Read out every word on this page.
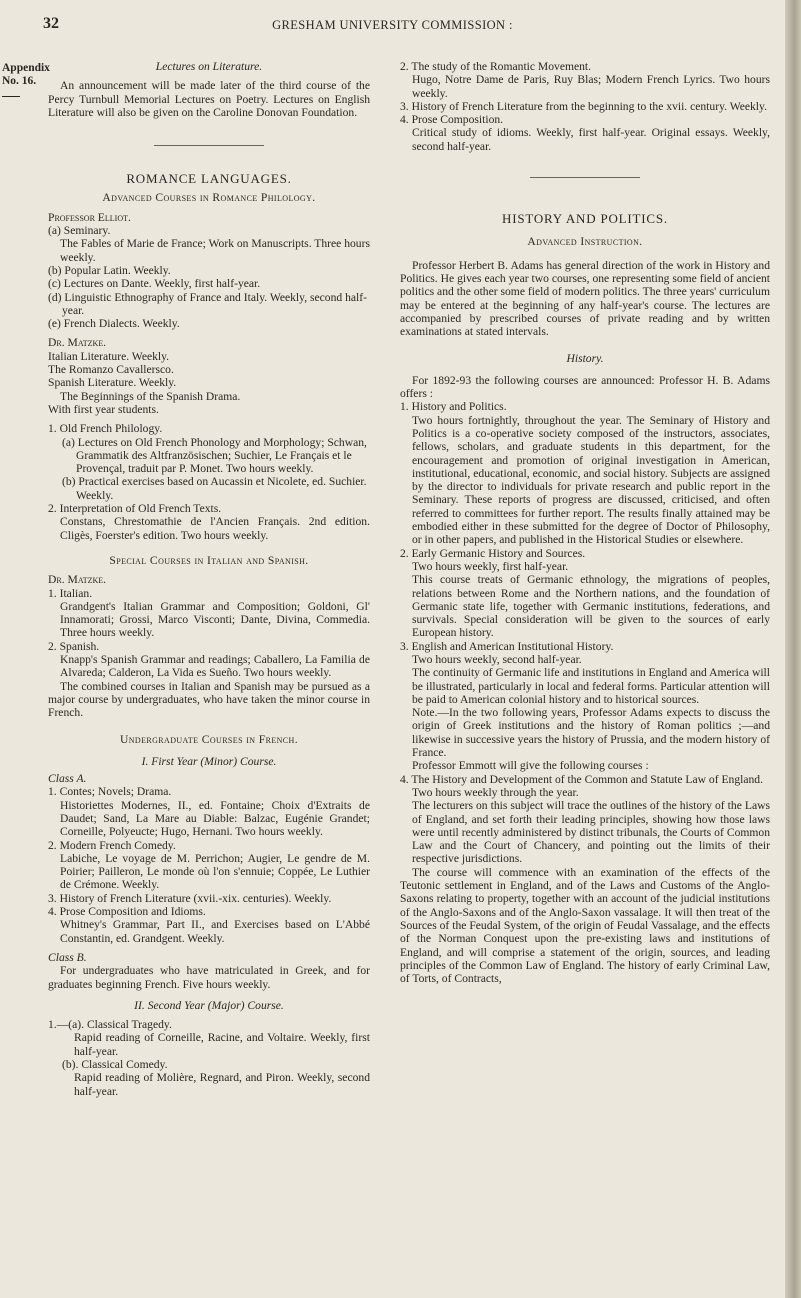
32	GRESHAM UNIVERSITY COMMISSION :
Appendix
No. 16.

Lectures on Literature.

An announcement will be made later of the third course of the Percy Turnbull Memorial Lectures on Poetry. Lectures on English Literature will also be given on the Caroline Donovan Foundation.

ROMANCE LANGUAGES.

Advanced Courses in Romance Philology.

Professor Elliot.

(a) Seminary.

The Fables of Marie de France; Work on Manuscripts. Three hours weekly.

(b) Popular Latin. Weekly.

(c) Lectures on Dante. Weekly, first half-year.

(d) Linguistic Ethnography of France and Italy. Weekly, second half-year.

(e) French Dialects. Weekly.

Dr. Matzke.

Italian Literature. Weekly.

The Romanzo Cavallersco.

Spanish Literature. Weekly.

The Beginnings of the Spanish Drama.

With first year students.

1. Old French Philology.

(a) Lectures on Old French Phonology and Morphology; Schwan, Grammatik des Altfranzösischen; Suchier, Le Français et le Provençal, traduit par P. Monet. Two hours weekly.

(b) Practical exercises based on Aucassin et Nicolete, ed. Suchier. Weekly.

2. Interpretation of Old French Texts.

Constans, Chrestomathie de l'Ancien Français. 2nd edition. Cligès, Foerster's edition. Two hours weekly.

Special Courses in Italian and Spanish.

Dr. Matzke.

1. Italian.

Grandgent's Italian Grammar and Composition; Goldoni, Gl' Innamorati; Grossi, Marco Visconti; Dante, Divina, Commedia. Three hours weekly.

2. Spanish.

Knapp's Spanish Grammar and readings; Caballero, La Familia de Alvareda; Calderon, La Vida es Sueño. Two hours weekly.

The combined courses in Italian and Spanish may be pursued as a major course by undergraduates, who have taken the minor course in French.

Undergraduate Courses in French.

I. First Year (Minor) Course.

Class A.

1. Contes; Novels; Drama.

Historiettes Modernes, II., ed. Fontaine; Choix d'Extraits de Daudet; Sand, La Mare au Diable: Balzac, Eugénie Grandet; Corneille, Polyeucte; Hugo, Hernani. Two hours weekly.

2. Modern French Comedy.

Labiche, Le voyage de M. Perrichon; Augier, Le gendre de M. Poirier; Pailleron, Le monde où l'on s'ennuie; Coppée, Le Luthier de Crémone. Weekly.

3. History of French Literature (xvii.-xix. centuries). Weekly.

4. Prose Composition and Idioms.

Whitney's Grammar, Part II., and Exercises based on L'Abbé Constantin, ed. Grandgent. Weekly.

Class B.

For undergraduates who have matriculated in Greek, and for graduates beginning French. Five hours weekly.

II. Second Year (Major) Course.

1.—(a). Classical Tragedy.

Rapid reading of Corneille, Racine, and Voltaire. Weekly, first half-year.

(b). Classical Comedy.

Rapid reading of Molière, Regnard, and Piron. Weekly, second half-year.

2. The study of the Romantic Movement.

Hugo, Notre Dame de Paris, Ruy Blas; Modern French Lyrics. Two hours weekly.

3. History of French Literature from the beginning to the xvii. century. Weekly.

4. Prose Composition.

Critical study of idioms. Weekly, first half-year. Original essays. Weekly, second half-year.

HISTORY AND POLITICS.

Advanced Instruction.

Professor Herbert B. Adams has general direction of the work in History and Politics. He gives each year two courses, one representing some field of ancient politics and the other some field of modern politics. The three years' curriculum may be entered at the beginning of any half-year's course. The lectures are accompanied by prescribed courses of private reading and by written examinations at stated intervals.

History.

For 1892-93 the following courses are announced: Professor H. B. Adams offers :

1. History and Politics.

Two hours fortnightly, throughout the year. The Seminary of History and Politics is a co-operative society composed of the instructors, associates, fellows, scholars, and graduate students in this department, for the encouragement and promotion of original investigation in American, institutional, educational, economic, and social history. Subjects are assigned by the director to individuals for private research and public report in the Seminary. These reports of progress are discussed, criticised, and often referred to committees for further report. The results finally attained may be embodied either in these submitted for the degree of Doctor of Philosophy, or in other papers, and published in the Historical Studies or elsewhere.

2. Early Germanic History and Sources.

Two hours weekly, first half-year.

This course treats of Germanic ethnology, the migrations of peoples, relations between Rome and the Northern nations, and the foundation of Germanic state life, together with Germanic institutions, federations, and survivals. Special consideration will be given to the sources of early European history.

3. English and American Institutional History.

Two hours weekly, second half-year.

The continuity of Germanic life and institutions in England and America will be illustrated, particularly in local and federal forms. Particular attention will be paid to American colonial history and to historical sources.

Note.—In the two following years, Professor Adams expects to discuss the origin of Greek institutions and the history of Roman politics ;—and likewise in successive years the history of Prussia, and the modern history of France.

Professor Emmott will give the following courses :

4. The History and Development of the Common and Statute Law of England.

Two hours weekly through the year.

The lecturers on this subject will trace the outlines of the history of the Laws of England, and set forth their leading principles, showing how those laws were until recently administered by distinct tribunals, the Courts of Common Law and the Court of Chancery, and pointing out the limits of their respective jurisdictions.

The course will commence with an examination of the effects of the Teutonic settlement in England, and of the Laws and Customs of the Anglo-Saxons relating to property, together with an account of the judicial institutions of the Anglo-Saxons and of the Anglo-Saxon vassalage. It will then treat of the Sources of the Feudal System, of the origin of Feudal Vassalage, and the effects of the Norman Conquest upon the pre-existing laws and institutions of England, and will comprise a statement of the origin, sources, and leading principles of the Common Law of England. The history of early Criminal Law, of Torts, of Contracts,
